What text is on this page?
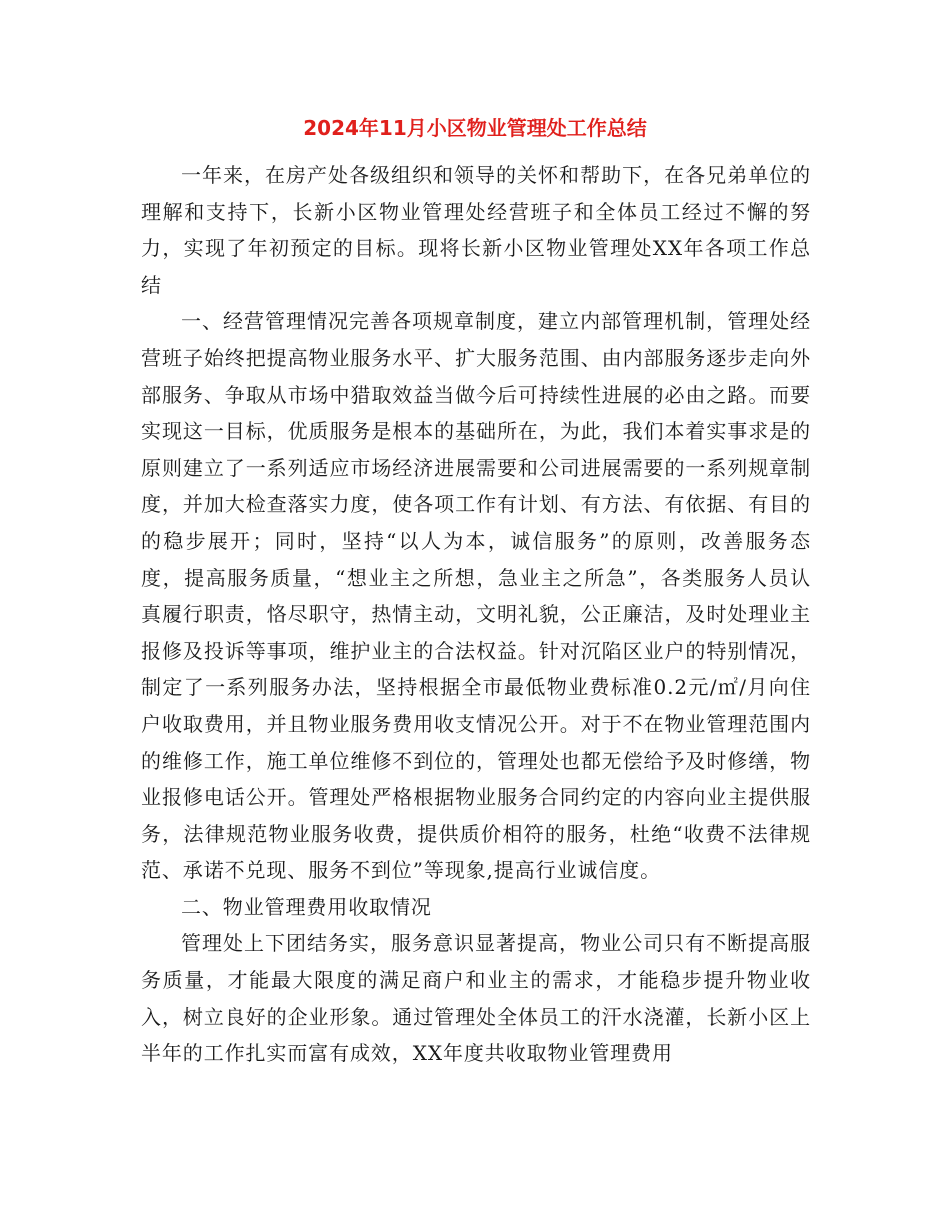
2024年11月小区物业管理处工作总结

一年来，在房产处各级组织和领导的关怀和帮助下，在各兄弟单位的理解和支持下，长新小区物业管理处经营班子和全体员工经过不懈的努力，实现了年初预定的目标。现将长新小区物业管理处XX年各项工作总结

一、经营管理情况完善各项规章制度，建立内部管理机制，管理处经营班子始终把提高物业服务水平、扩大服务范围、由内部服务逐步走向外部服务、争取从市场中猎取效益当做今后可持续性进展的必由之路。而要实现这一目标，优质服务是根本的基础所在，为此，我们本着实事求是的原则建立了一系列适应市场经济进展需要和公司进展需要的一系列规章制度，并加大检查落实力度，使各项工作有计划、有方法、有依据、有目的的稳步展开；同时，坚持“以人为本，诚信服务”的原则，改善服务态度，提高服务质量，“想业主之所想，急业主之所急”，各类服务人员认真履行职责，恪尽职守，热情主动，文明礼貌，公正廉洁，及时处理业主报修及投诉等事项，维护业主的合法权益。针对沉陷区业户的特别情况，制定了一系列服务办法，坚持根据全市最低物业费标准0.2元/㎡/月向住户收取费用，并且物业服务费用收支情况公开。对于不在物业管理范围内的维修工作，施工单位维修不到位的，管理处也都无偿给予及时修缮，物业报修电话公开。管理处严格根据物业服务合同约定的内容向业主提供服务，法律规范物业服务收费，提供质价相符的服务，杜绝“收费不法律规范、承诺不兑现、服务不到位”等现象,提高行业诚信度。

二、物业管理费用收取情况

管理处上下团结务实，服务意识显著提高，物业公司只有不断提高服务质量，才能最大限度的满足商户和业主的需求，才能稳步提升物业收入，树立良好的企业形象。通过管理处全体员工的汗水浇灌，长新小区上半年的工作扎实而富有成效，XX年度共收取物业管理费用
